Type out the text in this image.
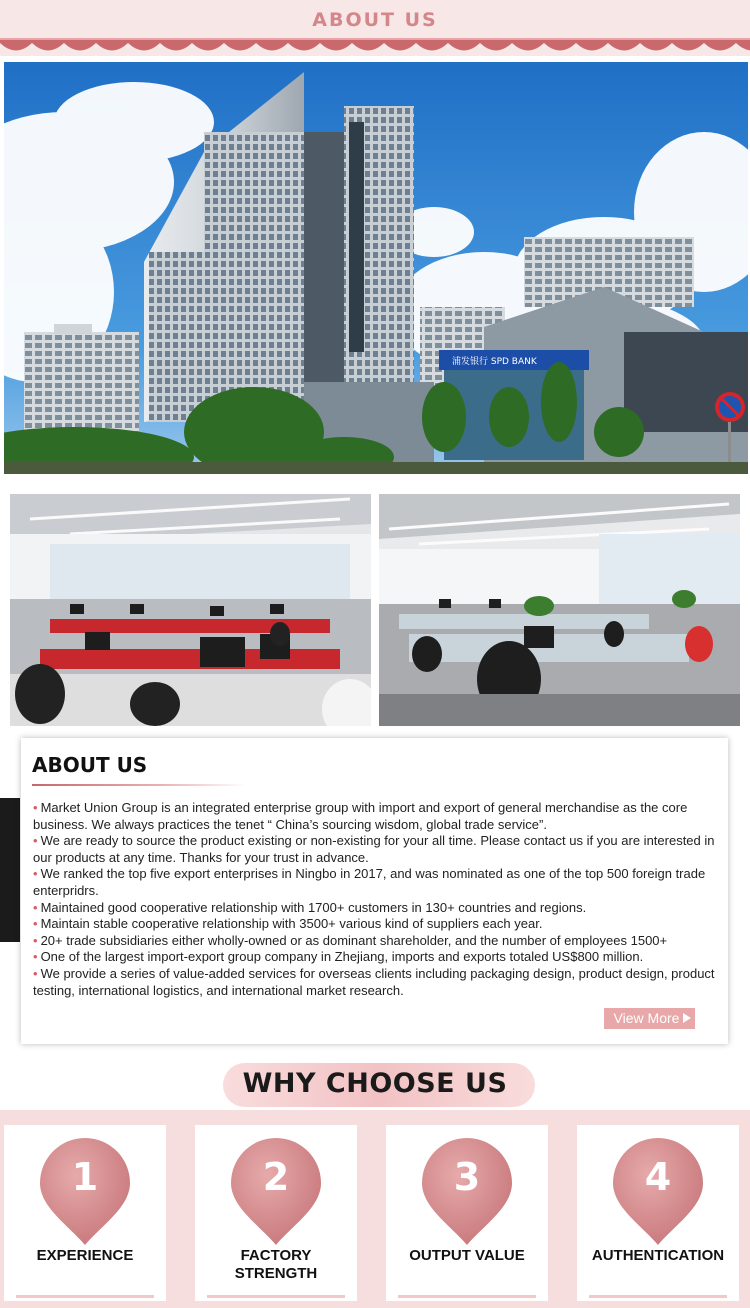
ABOUT US
浦发银行 SPD BANK
ABOUT US
• Market Union Group is an integrated enterprise group with import and export of general merchandise as the core business. We always practices the tenet “ China’s sourcing wisdom, global trade service”.
• We are ready to source the product existing or non-existing for your all time. Please contact us if you are interested in our products at any time. Thanks for your trust in advance.
• We ranked the top five export enterprises in Ningbo in 2017, and was nominated as one of the top 500 foreign trade enterpridrs.
• Maintained good cooperative relationship with 1700+ customers in 130+ countries and regions.
• Maintain stable cooperative relationship with 3500+ various kind of suppliers each year.
• 20+ trade subsidiaries either wholly-owned or as dominant shareholder, and the number of employees 1500+
• One of the largest import-export group company in Zhejiang, imports and exports totaled US$800 million.
• We provide a series of value-added services for overseas clients including packaging design, product design, product testing, international logistics, and international market research.
View More
WHY CHOOSE US
1
EXPERIENCE
2
FACTORY STRENGTH
3
OUTPUT VALUE
4
AUTHENTICATION
